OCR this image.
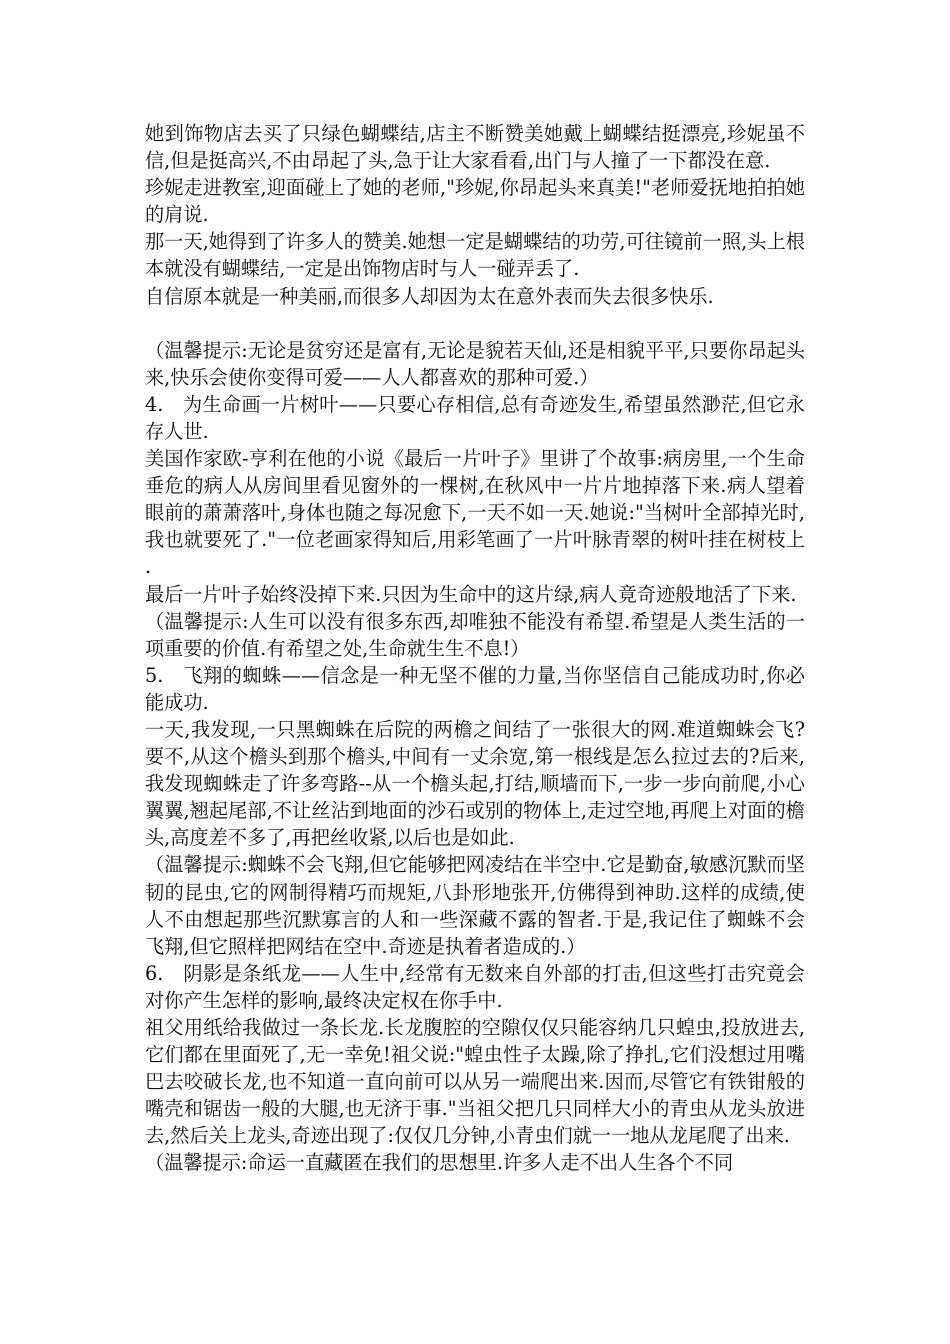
她到饰物店去买了只绿色蝴蝶结,店主不断赞美她戴上蝴蝶结挺漂亮,珍妮虽不信,但是挺高兴,不由昂起了头,急于让大家看看,出门与人撞了一下都没在意.

珍妮走进教室,迎面碰上了她的老师,"珍妮,你昂起头来真美!"老师爱抚地拍拍她的肩说.

那一天,她得到了许多人的赞美.她想一定是蝴蝶结的功劳,可往镜前一照,头上根本就没有蝴蝶结,一定是出饰物店时与人一碰弄丢了.

自信原本就是一种美丽,而很多人却因为太在意外表而失去很多快乐.

（温馨提示:无论是贫穷还是富有,无论是貌若天仙,还是相貌平平,只要你昂起头来,快乐会使你变得可爱——人人都喜欢的那种可爱.）

4.　为生命画一片树叶——只要心存相信,总有奇迹发生,希望虽然渺茫,但它永存人世.

美国作家欧-亨利在他的小说《最后一片叶子》里讲了个故事:病房里,一个生命垂危的病人从房间里看见窗外的一棵树,在秋风中一片片地掉落下来.病人望着眼前的萧萧落叶,身体也随之每况愈下,一天不如一天.她说:"当树叶全部掉光时,我也就要死了."一位老画家得知后,用彩笔画了一片叶脉青翠的树叶挂在树枝上.

最后一片叶子始终没掉下来.只因为生命中的这片绿,病人竟奇迹般地活了下来.

（温馨提示:人生可以没有很多东西,却唯独不能没有希望.希望是人类生活的一项重要的价值.有希望之处,生命就生生不息!）

5.　飞翔的蜘蛛——信念是一种无坚不催的力量,当你坚信自己能成功时,你必能成功.

一天,我发现,一只黑蜘蛛在后院的两檐之间结了一张很大的网.难道蜘蛛会飞?要不,从这个檐头到那个檐头,中间有一丈余宽,第一根线是怎么拉过去的?后来,我发现蜘蛛走了许多弯路--从一个檐头起,打结,顺墙而下,一步一步向前爬,小心翼翼,翘起尾部,不让丝沾到地面的沙石或别的物体上,走过空地,再爬上对面的檐头,高度差不多了,再把丝收紧,以后也是如此.

（温馨提示:蜘蛛不会飞翔,但它能够把网凌结在半空中.它是勤奋,敏感沉默而坚韧的昆虫,它的网制得精巧而规矩,八卦形地张开,仿佛得到神助.这样的成绩,使人不由想起那些沉默寡言的人和一些深藏不露的智者.于是,我记住了蜘蛛不会飞翔,但它照样把网结在空中.奇迹是执着者造成的.）

6.　阴影是条纸龙——人生中,经常有无数来自外部的打击,但这些打击究竟会对你产生怎样的影响,最终决定权在你手中.

祖父用纸给我做过一条长龙.长龙腹腔的空隙仅仅只能容纳几只蝗虫,投放进去,它们都在里面死了,无一幸免!祖父说:"蝗虫性子太躁,除了挣扎,它们没想过用嘴巴去咬破长龙,也不知道一直向前可以从另一端爬出来.因而,尽管它有铁钳般的嘴壳和锯齿一般的大腿,也无济于事."当祖父把几只同样大小的青虫从龙头放进去,然后关上龙头,奇迹出现了:仅仅几分钟,小青虫们就一一地从龙尾爬了出来.

（温馨提示:命运一直藏匿在我们的思想里.许多人走不出人生各个不同
